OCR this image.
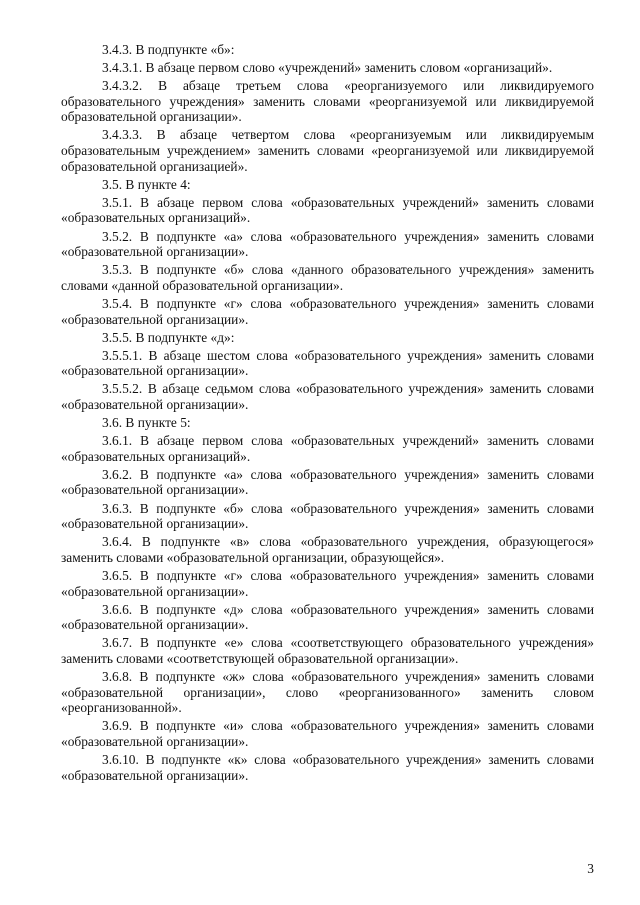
3.4.3. В подпункте «б»:

3.4.3.1. В абзаце первом слово «учреждений» заменить словом «организаций».

3.4.3.2. В абзаце третьем слова «реорганизуемого или ликвидируемого образовательного учреждения» заменить словами «реорганизуемой или ликвидируемой образовательной организации».

3.4.3.3. В абзаце четвертом слова «реорганизуемым или ликвидируемым образовательным учреждением» заменить словами «реорганизуемой или ликвидируемой образовательной организацией».

3.5. В пункте 4:

3.5.1. В абзаце первом слова «образовательных учреждений» заменить словами «образовательных организаций».

3.5.2. В подпункте «а» слова «образовательного учреждения» заменить словами «образовательной организации».

3.5.3. В подпункте «б» слова «данного образовательного учреждения» заменить словами «данной образовательной организации».

3.5.4. В подпункте «г» слова «образовательного учреждения» заменить словами «образовательной организации».

3.5.5. В подпункте «д»:

3.5.5.1. В абзаце шестом слова «образовательного учреждения» заменить словами «образовательной организации».

3.5.5.2. В абзаце седьмом слова «образовательного учреждения» заменить словами «образовательной организации».

3.6. В пункте 5:

3.6.1. В абзаце первом слова «образовательных учреждений» заменить словами «образовательных организаций».

3.6.2. В подпункте «а» слова «образовательного учреждения» заменить словами «образовательной организации».

3.6.3. В подпункте «б» слова «образовательного учреждения» заменить словами «образовательной организации».

3.6.4. В подпункте «в» слова «образовательного учреждения, образующегося» заменить словами «образовательной организации, образующейся».

3.6.5. В подпункте «г» слова «образовательного учреждения» заменить словами «образовательной организации».

3.6.6. В подпункте «д» слова «образовательного учреждения» заменить словами «образовательной организации».

3.6.7. В подпункте «е» слова «соответствующего образовательного учреждения» заменить словами «соответствующей образовательной организации».

3.6.8. В подпункте «ж» слова «образовательного учреждения» заменить словами «образовательной организации», слово «реорганизованного» заменить словом «реорганизованной».

3.6.9. В подпункте «и» слова «образовательного учреждения» заменить словами «образовательной организации».

3.6.10. В подпункте «к» слова «образовательного учреждения» заменить словами «образовательной организации».

3
